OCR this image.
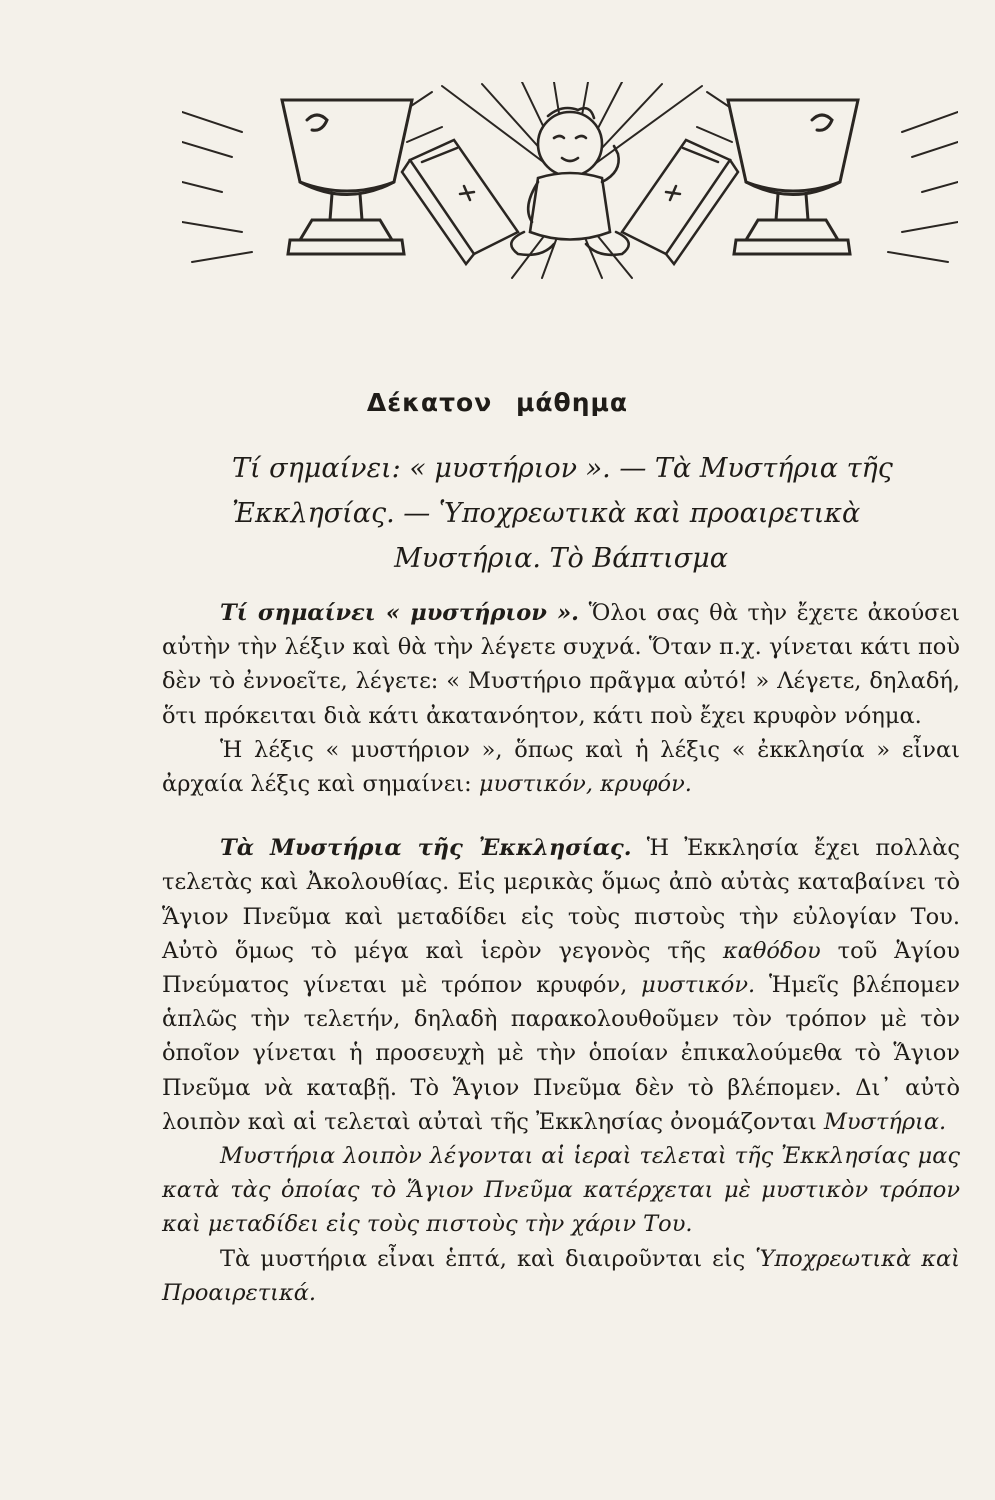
Δέκατον μάθημα
Τί σημαίνει: « μυστήριον ». — Τὰ Μυστήρια τῆς
Ἐκκλησίας. — Ὑποχρεωτικὰ καὶ προαιρετικὰ

Μυστήρια. Τὸ Βάπτισμα

Τί σημαίνει « μυστήριον ». Ὅλοι σας θὰ τὴν ἔχετε ἀκούσει αὐτὴν τὴν λέξιν καὶ θὰ τὴν λέγετε συχνά. Ὅταν π.χ. γίνεται κάτι ποὺ δὲν τὸ ἐννοεῖτε, λέγετε: « Μυστήριο πρᾶγμα αὐτό! » Λέγετε, δηλαδή, ὅτι πρόκειται διὰ κάτι ἀκατανόητον, κάτι ποὺ ἔχει κρυφὸν νόημα.

Ἡ λέξις « μυστήριον », ὅπως καὶ ἡ λέξις « ἐκκλησία » εἶναι ἀρχαία λέξις καὶ σημαίνει: μυστικόν, κρυφόν.

Τὰ Μυστήρια τῆς Ἐκκλησίας. Ἡ Ἐκκλησία ἔχει πολλὰς τελετὰς καὶ Ἀκολουθίας. Εἰς μερικὰς ὅμως ἀπὸ αὐτὰς καταβαίνει τὸ Ἅγιον Πνεῦμα καὶ μεταδίδει εἰς τοὺς πιστοὺς τὴν εὐλογίαν Του. Αὐτὸ ὅμως τὸ μέγα καὶ ἱερὸν γεγονὸς τῆς καθόδου τοῦ Ἁγίου Πνεύματος γίνεται μὲ τρόπον κρυφόν, μυστικόν. Ἡμεῖς βλέπομεν ἁπλῶς τὴν τελετήν, δηλαδὴ παρακολουθοῦμεν τὸν τρόπον μὲ τὸν ὁποῖον γίνεται ἡ προσευχὴ μὲ τὴν ὁποίαν ἐπικαλούμεθα τὸ Ἅγιον Πνεῦμα νὰ καταβῇ. Τὸ Ἅγιον Πνεῦμα δὲν τὸ βλέπομεν. Δι᾿ αὐτὸ λοιπὸν καὶ αἱ τελεταὶ αὐταὶ τῆς Ἐκκλησίας ὀνομάζονται Μυστήρια.

Μυστήρια λοιπὸν λέγονται αἱ ἱεραὶ τελεταὶ τῆς Ἐκκλησίας μας κατὰ τὰς ὁποίας τὸ Ἅγιον Πνεῦμα κατέρχεται μὲ μυστικὸν τρόπον καὶ μεταδίδει εἰς τοὺς πιστοὺς τὴν χάριν Του.

Τὰ μυστήρια εἶναι ἑπτά, καὶ διαιροῦνται εἰς Ὑποχρεωτικὰ καὶ Προαιρετικά.
